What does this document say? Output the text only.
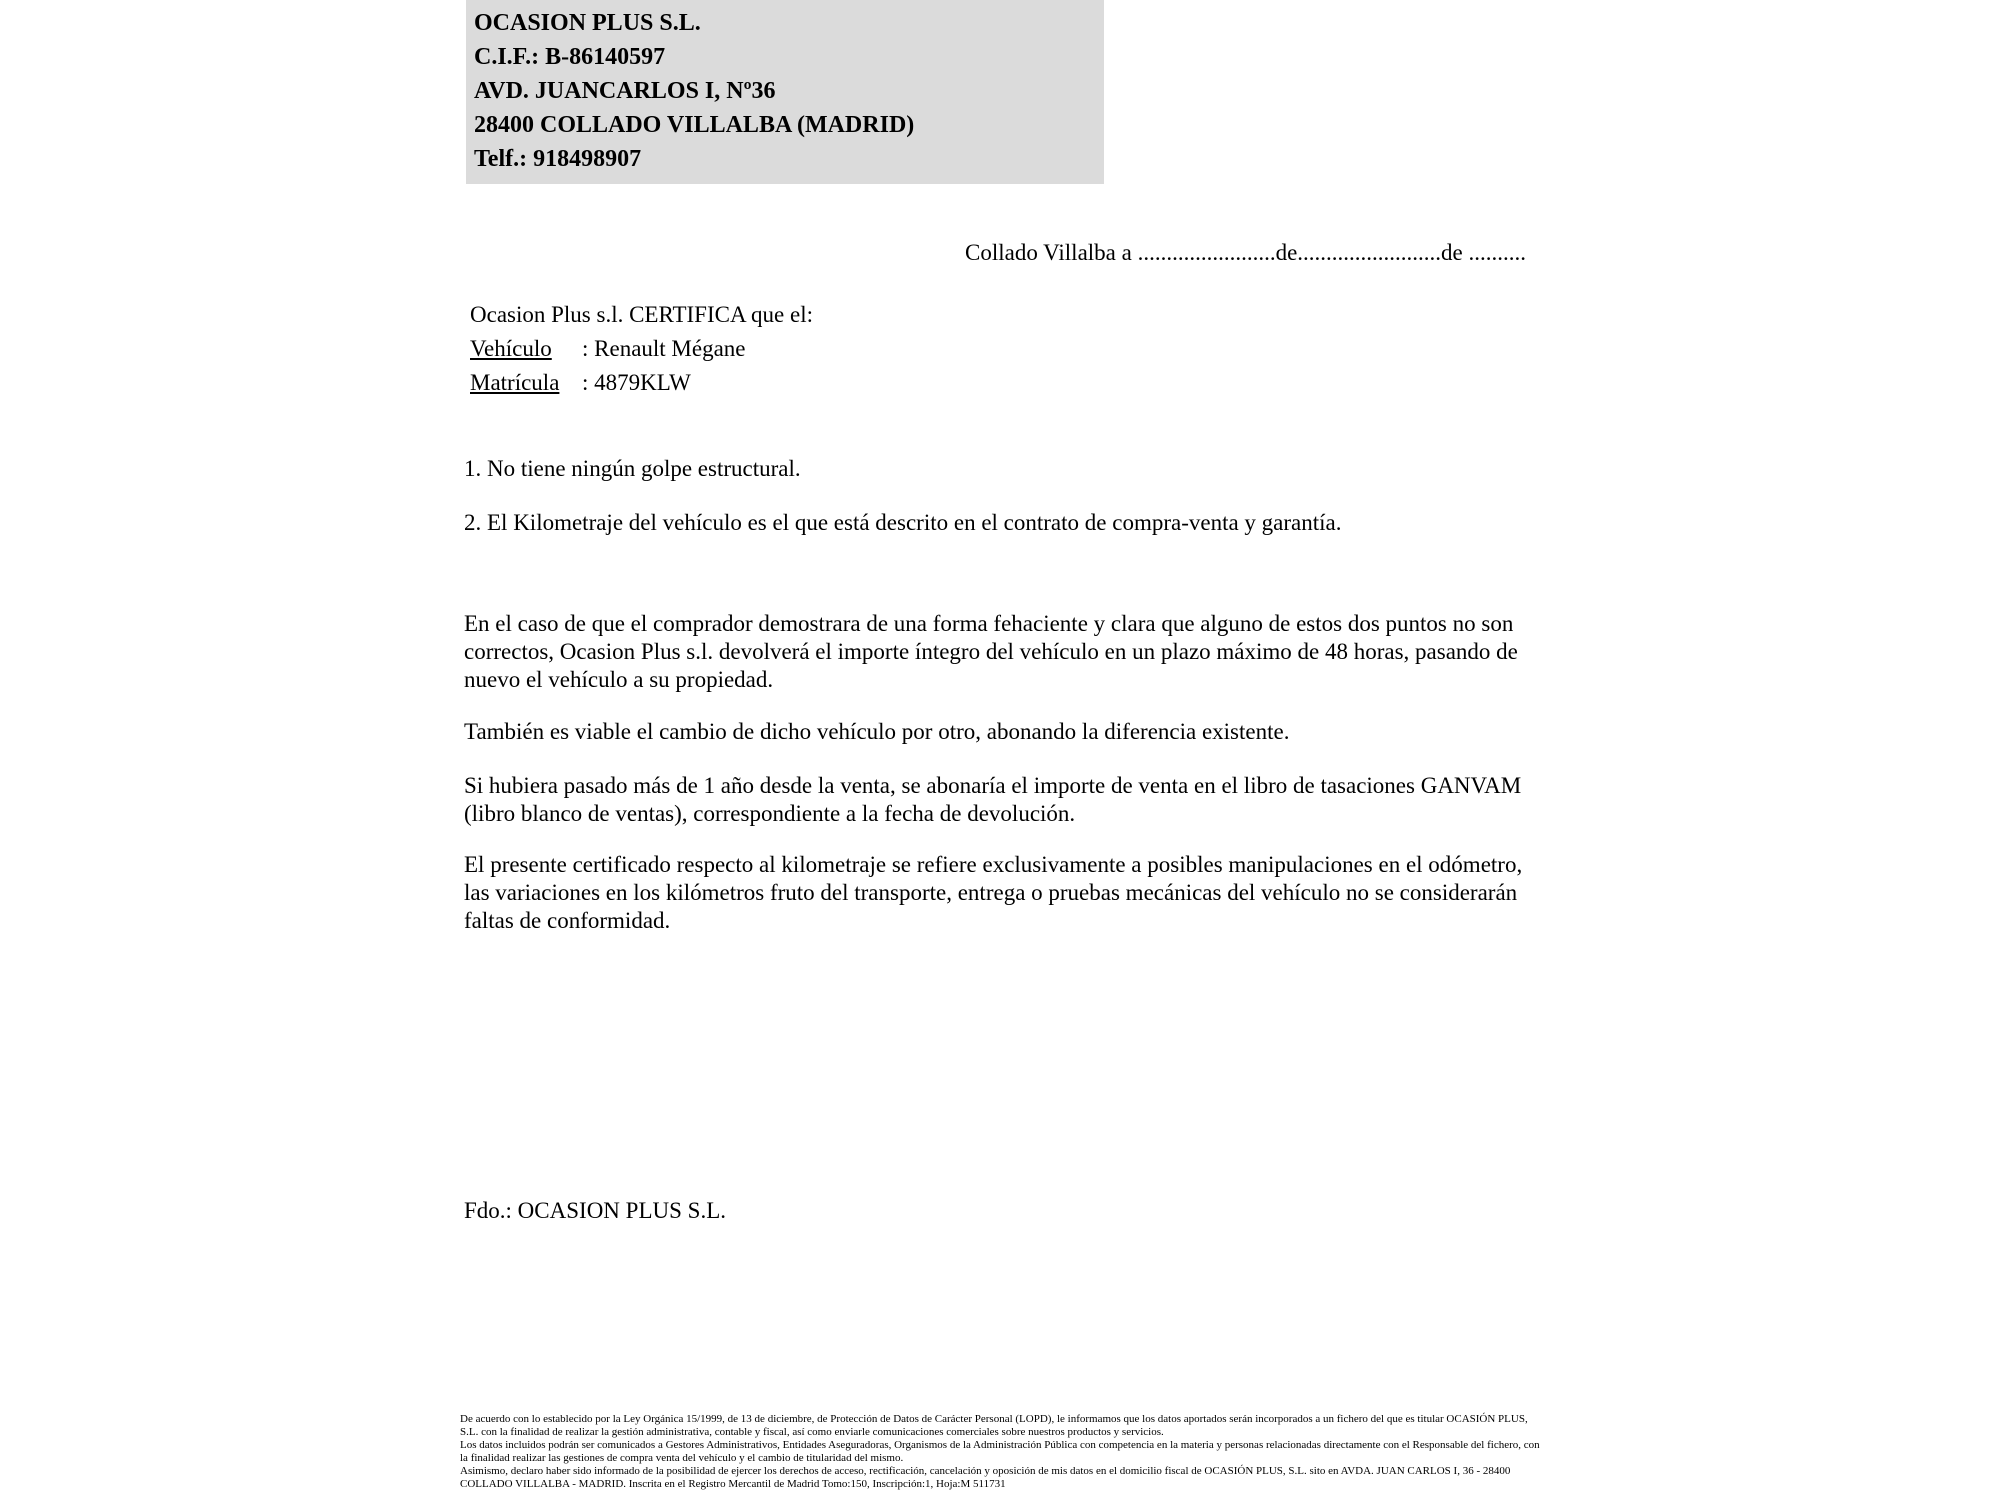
OCASION PLUS S.L.
C.I.F.: B-86140597
AVD. JUANCARLOS I, Nº36
28400 COLLADO VILLALBA (MADRID)
Telf.: 918498907
Collado Villalba a ........................de.........................de ..........
Ocasion Plus s.l. CERTIFICA que el:
Vehículo : Renault Mégane
Matrícula : 4879KLW
1. No tiene ningún golpe estructural.
2. El Kilometraje del vehículo es el que está descrito en el contrato de compra-venta y garantía.
En el caso de que el comprador demostrara de una forma fehaciente y clara que alguno de estos dos puntos no son correctos, Ocasion Plus s.l. devolverá el importe íntegro del vehículo en un plazo máximo de 48 horas, pasando de nuevo el vehículo a su propiedad.
También es viable el cambio de dicho vehículo por otro, abonando la diferencia existente.
Si hubiera pasado más de 1 año desde la venta, se abonaría el importe de venta en el libro de tasaciones GANVAM (libro blanco de ventas), correspondiente a la fecha de devolución.
El presente certificado respecto al kilometraje se refiere exclusivamente a posibles manipulaciones en el odómetro, las variaciones en los kilómetros fruto del transporte, entrega o pruebas mecánicas del vehículo no se considerarán faltas de conformidad.
Fdo.: OCASION PLUS S.L.

De acuerdo con lo establecido por la Ley Orgánica 15/1999, de 13 de diciembre, de Protección de Datos de Carácter Personal (LOPD), le informamos que los datos aportados serán incorporados a un fichero del que es titular OCASIÓN PLUS, S.L. con la finalidad de realizar la gestión administrativa, contable y fiscal, así como enviarle comunicaciones comerciales sobre nuestros productos y servicios.

Los datos incluidos podrán ser comunicados a Gestores Administrativos, Entidades Aseguradoras, Organismos de la Administración Pública con competencia en la materia y personas relacionadas directamente con el Responsable del fichero, con la finalidad realizar las gestiones de compra venta del vehículo y el cambio de titularidad del mismo.

Asimismo, declaro haber sido informado de la posibilidad de ejercer los derechos de acceso, rectificación, cancelación y oposición de mis datos en el domicilio fiscal de OCASIÓN PLUS, S.L. sito en AVDA. JUAN CARLOS I, 36 - 28400 COLLADO VILLALBA - MADRID. Inscrita en el Registro Mercantil de Madrid Tomo:150, Inscripción:1, Hoja:M 511731
